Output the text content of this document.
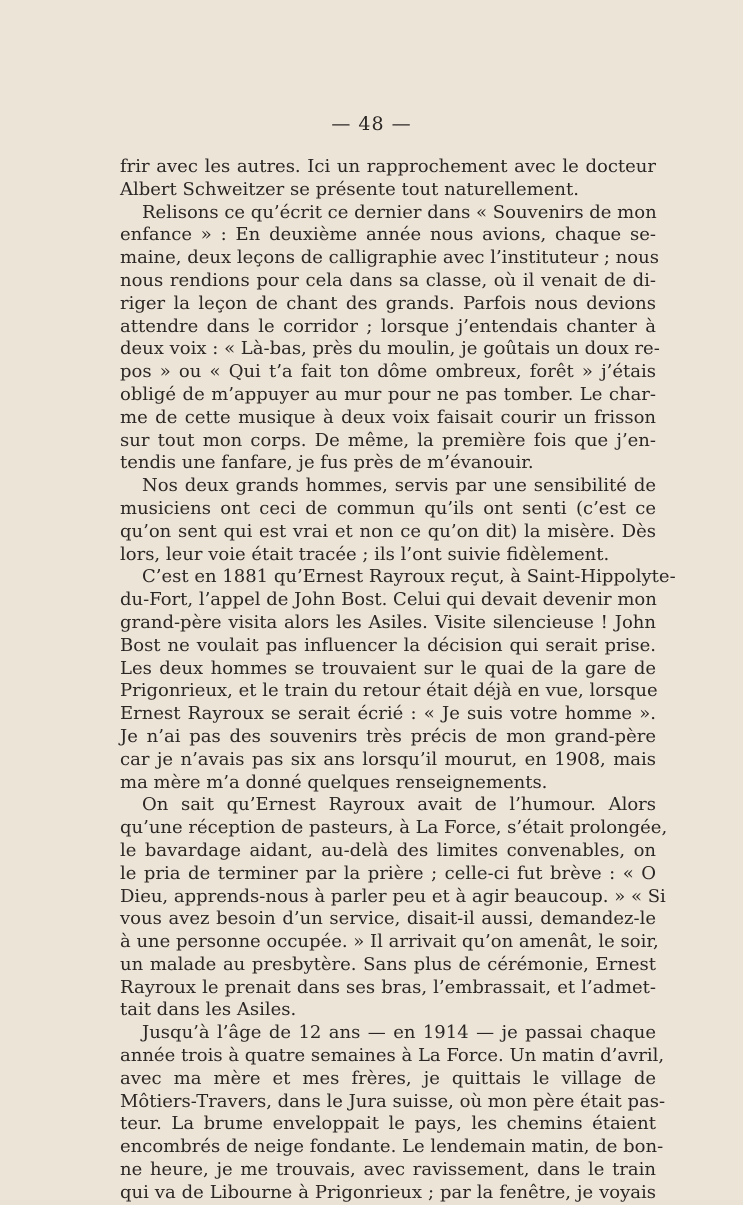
— 48 —
frir avec les autres. Ici un rapprochement avec le docteur
Albert Schweitzer se présente tout naturellement.
Relisons ce qu’écrit ce dernier dans « Souvenirs de mon
enfance » : En deuxième année nous avions, chaque se-
maine, deux leçons de calligraphie avec l’instituteur ; nous
nous rendions pour cela dans sa classe, où il venait de di-
riger la leçon de chant des grands. Parfois nous devions
attendre dans le corridor ; lorsque j’entendais chanter à
deux voix : « Là-bas, près du moulin, je goûtais un doux re-
pos » ou « Qui t’a fait ton dôme ombreux, forêt » j’étais
obligé de m’appuyer au mur pour ne pas tomber. Le char-
me de cette musique à deux voix faisait courir un frisson
sur tout mon corps. De même, la première fois que j’en-
tendis une fanfare, je fus près de m’évanouir.
Nos deux grands hommes, servis par une sensibilité de
musiciens ont ceci de commun qu’ils ont senti (c’est ce
qu’on sent qui est vrai et non ce qu’on dit) la misère. Dès
lors, leur voie était tracée ; ils l’ont suivie fidèlement.
C’est en 1881 qu’Ernest Rayroux reçut, à Saint-Hippolyte-
du-Fort, l’appel de John Bost. Celui qui devait devenir mon
grand-père visita alors les Asiles. Visite silencieuse ! John
Bost ne voulait pas influencer la décision qui serait prise.
Les deux hommes se trouvaient sur le quai de la gare de
Prigonrieux, et le train du retour était déjà en vue, lorsque
Ernest Rayroux se serait écrié : « Je suis votre homme ».
Je n’ai pas des souvenirs très précis de mon grand-père
car je n’avais pas six ans lorsqu’il mourut, en 1908, mais
ma mère m’a donné quelques renseignements.
On sait qu’Ernest Rayroux avait de l’humour. Alors
qu’une réception de pasteurs, à La Force, s’était prolongée,
le bavardage aidant, au-delà des limites convenables, on
le pria de terminer par la prière ; celle-ci fut brève : « O
Dieu, apprends-nous à parler peu et à agir beaucoup. » « Si
vous avez besoin d’un service, disait-il aussi, demandez-le
à une personne occupée. » Il arrivait qu’on amenât, le soir,
un malade au presbytère. Sans plus de cérémonie, Ernest
Rayroux le prenait dans ses bras, l’embrassait, et l’admet-
tait dans les Asiles.
Jusqu’à l’âge de 12 ans — en 1914 — je passai chaque
année trois à quatre semaines à La Force. Un matin d’avril,
avec ma mère et mes frères, je quittais le village de
Môtiers-Travers, dans le Jura suisse, où mon père était pas-
teur. La brume enveloppait le pays, les chemins étaient
encombrés de neige fondante. Le lendemain matin, de bon-
ne heure, je me trouvais, avec ravissement, dans le train
qui va de Libourne à Prigonrieux ; par la fenêtre, je voyais
